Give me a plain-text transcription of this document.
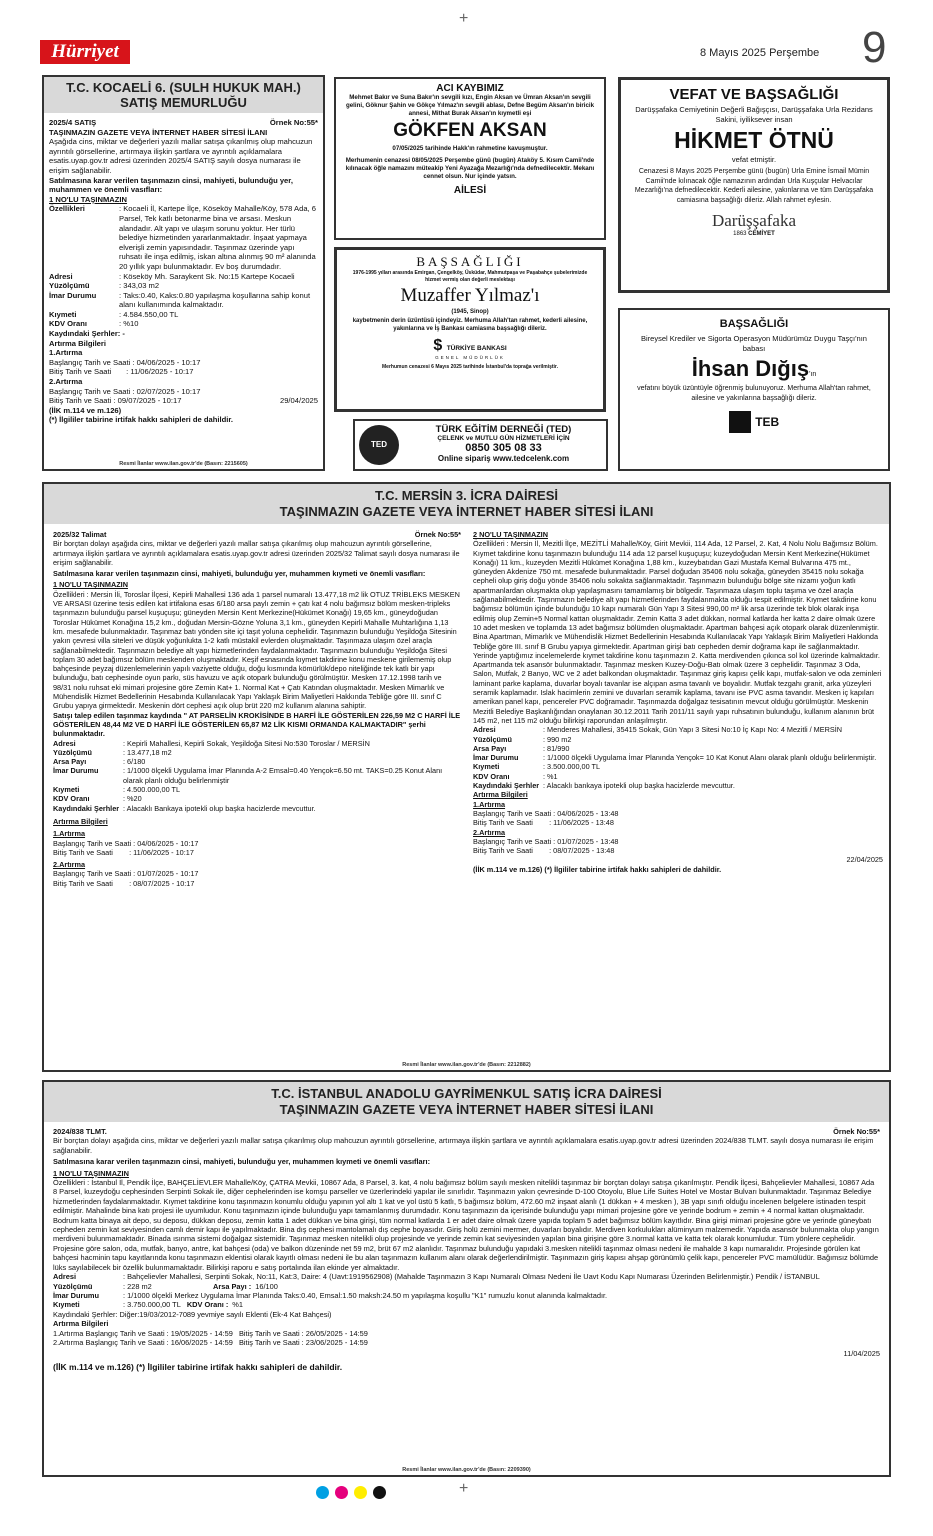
+
Hürriyet	8 Mayıs 2025 Perşembe 9
T.C. KOCAELİ 6. (SULH HUKUK MAH.)
SATIŞ MEMURLUĞU
2025/4 SATIŞ	Örnek No:55*
TAŞINMAZIN GAZETE VEYA İNTERNET HABER SİTESİ İLANI
Aşağıda cins, miktar ve değerleri yazılı mallar satışa çıkarılmış olup mahcuzun ayrıntılı görsellerine, artırmaya ilişkin şartlara ve ayrıntılı açıklamalara esatis.uyap.gov.tr adresi üzerinden 2025/4 SATIŞ sayılı dosya numarası ile erişim sağlanabilir.
Satılmasına karar verilen taşınmazın cinsi, mahiyeti, bulunduğu yer, muhammen ve önemli vasıfları:
1 NO'LU TAŞINMAZIN
Özellikleri	: Kocaeli İl, Kartepe İlçe, Köseköy Mahalle/Köy, 578 Ada, 6 Parsel, Tek katlı betonarme bina ve arsası. Meskun alandadır. Alt yapı ve ulaşım sorunu yoktur. Her türlü belediye hizmetinden yararlanmaktadır. İnşaat yapmaya elverişli zemin yapısındadır. Taşınmaz üzerinde yapı ruhsatı ile inşa edilmiş, iskan altına alınmış 90 m² alanında 20 yıllık yapı bulunmaktadır. Ev boş durumdadır.
Adresi	: Köseköy Mh. Saraykent Sk. No:15 Kartepe Kocaeli
Yüzölçümü	: 343,03 m2
İmar Durumu	: Taks:0.40, Kaks:0.80 yapılaşma koşullarına sahip konut alanı kullanımında kalmaktadır.
Kıymeti	: 4.584.550,00 TL
KDV Oranı	: %10
Kaydındaki Şerhler: -
Artırma Bilgileri
1.Artırma
Başlangıç Tarih ve Saati : 04/06/2025 - 10:17
Bitiş Tarih ve Saati       : 11/06/2025 - 10:17
2.Artırma
Başlangıç Tarih ve Saati : 02/07/2025 - 10:17
Bitiş Tarih ve Saati : 09/07/2025 - 10:17	29/04/2025
(İİK m.114 ve m.126)
(*) İlgililer tabirine irtifak hakkı sahipleri de dahildir.
Resmi İlanlar www.ilan.gov.tr'de (Basın: 2215605)
ACI KAYBIMIZ
Mehmet Bakır ve Suna Bakır'ın sevgili kızı, Engin Aksan ve Ümran Aksan'ın sevgili gelini, Göknur Şahin ve Gökçe Yılmaz'ın sevgili ablası, Defne Begüm Aksan'ın biricik annesi, Mithat Burak Aksan'ın kıymetli eşi
GÖKFEN AKSAN
07/05/2025 tarihinde Hakk'ın rahmetine kavuşmuştur.
Merhumenin cenazesi 08/05/2025 Perşembe günü (bugün) Ataköy 5. Kısım Camii'nde kılınacak öğle namazını müteakip Yeni Ayazağa Mezarlığı'nda defnedilecektir. Mekanı cennet olsun. Nur içinde yatsın.
AİLESİ
BAŞSAĞLIĞI
1976-1995 yılları arasında Emirgan, Çengelköy, Üsküdar, Mahmutpaşa ve Paşabahçe şubelerimizde hizmet vermiş olan değerli meslektaşı
Muzaffer Yılmaz'ı
(1945, Sinop)
kaybetmenin derin üzüntüsü içindeyiz. Merhuma Allah'tan rahmet, kederli ailesine, yakınlarına ve İş Bankası camiasına başsağlığı dileriz.
$ TÜRKİYE BANKASI
GENEL MÜDÜRLÜK
Merhumun cenazesi 6 Mayıs 2025 tarihinde İstanbul'da toprağa verilmiştir.
TED
TÜRK EĞİTİM DERNEĞİ (TED)
ÇELENK ve MUTLU GÜN HİZMETLERİ İÇİN
0850 305 08 33
Online sipariş www.tedcelenk.com
VEFAT VE BAŞSAĞLIĞI
Darüşşafaka Cemiyetinin Değerli Bağışçısı, Darüşşafaka Urla Rezidans Sakini, iyiliksever insan
HİKMET ÖTNÜ
vefat etmiştir.
Cenazesi 8 Mayıs 2025 Perşembe günü (bugün) Urla Emine İsmail Mümin Camii'nde kılınacak öğle namazının ardından Urla Kuşçular Helvacılar Mezarlığı'na defnedilecektir. Kederli ailesine, yakınlarına ve tüm Darüşşafaka camiasına başsağlığı dileriz. Allah rahmet eylesin.
Darüşşafaka
1863 CEMİYET
BAŞSAĞLIĞI
Bireysel Krediler ve Sigorta Operasyon Müdürümüz Duygu Taşçı'nın babası
İhsan Dığış'ın
vefatını büyük üzüntüyle öğrenmiş bulunuyoruz. Merhuma Allah'tan rahmet, ailesine ve yakınlarına başsağlığı dileriz.
TEB
T.C. MERSİN 3. İCRA DAİRESİ
TAŞINMAZIN GAZETE VEYA İNTERNET HABER SİTESİ İLANI
2025/32 Talimat	Örnek No:55*
Bir borçtan dolayı aşağıda cins, miktar ve değerleri yazılı mallar satışa çıkarılmış olup mahcuzun ayrıntılı görsellerine, artırmaya ilişkin şartlara ve ayrıntılı açıklamalara esatis.uyap.gov.tr adresi üzerinden 2025/32 Talimat sayılı dosya numarası ile erişim sağlanabilir.
Satılmasına karar verilen taşınmazın cinsi, mahiyeti, bulunduğu yer, muhammen kıymeti ve önemli vasıfları:
1 NO'LU TAŞINMAZIN
Özellikleri : Mersin İli, Toroslar İlçesi, Kepirli Mahallesi 136 ada 1 parsel numaralı 13.477,18 m2 lik OTUZ TRİBLEKS MESKEN VE ARSASI üzerine tesis edilen kat irtifakına esas 6/180 arsa paylı zemin + çatı kat 4 nolu bağımsız bölüm mesken-tripleks taşınmazın bulunduğu parsel kuşuçuşu; güneyden Mersin Kent Merkezine(Hükümet Konağı) 19,65 km., güneydoğudan Toroslar Hükümet Konağına 15,2 km., doğudan Mersin-Gözne Yoluna 3,1 km., güneyden Kepirli Mahalle Muhtarlığına 1,13 km. mesafede bulunmaktadır. Taşınmaz batı yönden site içi taşıt yoluna cephelidir. Taşınmazın bulunduğu Yeşildoğa Sitesinin yakın çevresi villa siteleri ve düşük yoğunlukta 1-2 katlı müstakil evlerden oluşmaktadır. Taşınmaza ulaşım özel araçla sağlanabilmektedir. Taşınmazın belediye alt yapı hizmetlerinden faydalanmaktadır. Taşınmazın bulunduğu Yeşildoğa Sitesi toplam 30 adet bağımsız bölüm meskenden oluşmaktadır. Keşif esnasında kıymet takdirine konu meskene girilememiş olup bahçesinde peyzaj düzenlemelerinin yapılı vaziyette olduğu, doğu kısmında kömürlük/depo niteliğinde tek katlı bir yapı bulunduğu, batı cephesinde oyun parkı, süs havuzu ve açık otopark bulunduğu görülmüştür. Mesken 17.12.1998 tarih ve 98/31 nolu ruhsat eki mimari projesine göre Zemin Kat+ 1. Normal Kat + Çatı Katından oluşmaktadır. Mesken Mimarlık ve Mühendislik Hizmet Bedellerinin Hesabında Kullanılacak Yapı Yaklaşık Birim Maliyetleri Hakkında Tebliğe göre III. sınıf C Grubu yapıya girmektedir. Meskenin dört cephesi açık olup brüt 220 m2 kullanım alanına sahiptir.
Satışı talep edilen taşınmaz kaydında " AT PARSELİN KROKİSİNDE B HARFİ İLE GÖSTERİLEN 226,59 M2 C HARFİ İLE GÖSTERİLEN 48,44 M2 VE D HARFİ İLE GÖSTERİLEN 65,87 M2 LİK KISMI ORMANDA KALMAKTADIR" şerhi bulunmaktadır.
Adresi	: Kepirli Mahallesi, Kepirli Sokak, Yeşildoğa Sitesi No:530 Toroslar / MERSİN
Yüzölçümü	: 13.477,18 m2
Arsa Payı	: 6/180
İmar Durumu	: 1/1000 ölçekli Uygulama İmar Planında A-2 Emsal=0.40 Yençok=6.50 mt. TAKS=0.25 Konut Alanı olarak planlı olduğu belirlenmiştir
Kıymeti	: 4.500.000,00 TL
KDV Oranı	: %20
Kaydındaki Şerhler : Alacaklı Bankaya ipotekli olup başka hacizlerde mevcuttur.
Artırma Bilgileri
1.Artırma
Başlangıç Tarih ve Saati : 04/06/2025 - 10:17
Bitiş Tarih ve Saati        : 11/06/2025 - 10:17
2.Artırma
Başlangıç Tarih ve Saati : 01/07/2025 - 10:17
Bitiş Tarih ve Saati        : 08/07/2025 - 10:17
2 NO'LU TAŞINMAZIN
Özellikleri : Mersin İl, Mezitli İlçe, MEZİTLİ Mahalle/Köy, Girit Mevkii, 114 Ada, 12 Parsel, 2. Kat, 4 Nolu Nolu Bağımsız Bölüm. Kıymet takdirine konu taşınmazın bulunduğu 114 ada 12 parsel kuşuçuşu; kuzeydoğudan Mersin Kent Merkezine(Hükümet Konağı) 11 km., kuzeyden Mezitli Hükümet Konağına 1,88 km., kuzeybatıdan Gazi Mustafa Kemal Bulvarına 475 mt., güneyden Akdenize 750 mt. mesafede bulunmaktadır. Parsel doğudan 35406 nolu sokağa, güneyden 35415 nolu sokağa cepheli olup giriş doğu yönde 35406 nolu sokakta sağlanmaktadır. Taşınmazın bulunduğu bölge site nizamı yoğun katlı apartmanlardan oluşmakta olup yapılaşmasını tamamlamış bir bölgedir. Taşınmaza ulaşım toplu taşıma ve özel araçla sağlanabilmektedir. Taşınmazın belediye alt yapı hizmetlerinden faydalanmakta olduğu tespit edilmiştir. Kıymet takdirine konu bağımsız bölümün içinde bulunduğu 10 kapı numaralı Gün Yapı 3 Sitesi 990,00 m² lik arsa üzerinde tek blok olarak inşa edilmiş olup Zemin+5 Normal kattan oluşmaktadır. Zemin Katta 3 adet dükkan, normal katlarda her katta 2 daire olmak üzere 10 adet mesken ve toplamda 13 adet bağımsız bölümden oluşmaktadır. Apartman bahçesi açık otopark olarak düzenlenmiştir. Bina Apartman, Mimarlık ve Mühendislik Hizmet Bedellerinin Hesabında Kullanılacak Yapı Yaklaşık Birim Maliyetleri Hakkında Tebliğe göre III. sınıf B Grubu yapıya girmektedir. Apartman girişi batı cepheden demir doğrama kapı ile sağlanmaktadır. Yerinde yaptığımız incelemelerde kıymet takdirine konu taşınmazın 2. Katta merdivenden çıkınca sol kol üzerinde kalmaktadır. Apartmanda tek asansör bulunmaktadır. Taşınmaz mesken Kuzey-Doğu-Batı olmak üzere 3 cephelidir. Taşınmaz 3 Oda, Salon, Mutfak, 2 Banyo, WC ve 2 adet balkondan oluşmaktadır. Taşınmaz giriş kapısı çelik kapı, mutfak-salon ve oda zeminleri laminant parke kaplama, duvarlar boyalı tavanlar ise alçıpan asma tavanlı ve boyalıdır. Mutfak tezgahı granit, arka yüzeyleri seramik kaplamadır. Islak hacimlerin zemini ve duvarları seramik kaplama, tavanı ise PVC asma tavandır. Mesken iç kapıları amerikan panel kapı, pencereler PVC doğramadır. Taşınmazda doğalgaz tesisatının mevcut olduğu görülmüştür. Meskenin Mezitli Belediye Başkanlığından onaylanan 30.12.2011 Tarih 2011/11 sayılı yapı ruhsatının bulunduğu, kullanım alanının brüt 145 m2, net 115 m2 olduğu bilirkişi raporundan anlaşılmıştır.
Adresi	: Menderes Mahallesi, 35415 Sokak, Gün Yapı 3 Sitesi No:10 İç Kapı No: 4 Mezitli / MERSİN
Yüzölçümü	: 990 m2
Arsa Payı	: 81/990
İmar Durumu	: 1/1000 ölçekli Uygulama İmar Planında Yençok= 10 Kat Konut Alanı olarak planlı olduğu belirlenmiştir.
Kıymeti	: 3.500.000,00 TL
KDV Oranı	: %1
Kaydındaki Şerhler : Alacaklı bankaya ipotekli olup başka hacizlerde mevcuttur.
Artırma Bilgileri
1.Artırma
Başlangıç Tarih ve Saati : 04/06/2025 - 13:48
Bitiş Tarih ve Saati        : 11/06/2025 - 13:48
2.Artırma
Başlangıç Tarih ve Saati : 01/07/2025 - 13:48
Bitiş Tarih ve Saati        : 08/07/2025 - 13:48
22/04/2025
(İİK m.114 ve m.126) (*) İlgililer tabirine irtifak hakkı sahipleri de dahildir.
Resmi İlanlar www.ilan.gov.tr'de (Basın: 2212882)
T.C. İSTANBUL ANADOLU GAYRİMENKUL SATIŞ İCRA DAİRESİ
TAŞINMAZIN GAZETE VEYA İNTERNET HABER SİTESİ İLANI
2024/838 TLMT.	Örnek No:55*
Bir borçtan dolayı aşağıda cins, miktar ve değerleri yazılı mallar satışa çıkarılmış olup mahcuzun ayrıntılı görsellerine, artırmaya ilişkin şartlara ve ayrıntılı açıklamalara esatis.uyap.gov.tr adresi üzerinden 2024/838 TLMT. sayılı dosya numarası ile erişim sağlanabilir.
Satılmasına karar verilen taşınmazın cinsi, mahiyeti, bulunduğu yer, muhammen kıymeti ve önemli vasıfları:
1 NO'LU TAŞINMAZIN
Özellikleri : İstanbul İl, Pendik İlçe, BAHÇELİEVLER Mahalle/Köy, ÇATRA Mevkii, 10867 Ada, 8 Parsel, 3. kat, 4 nolu bağımsız bölüm sayılı mesken nitelikli taşınmaz bir borçtan dolayı satışa çıkarılmıştır. Pendik İlçesi, Bahçelievler Mahallesi, 10867 Ada 8 Parsel, kuzeydoğu cephesinden Serpinti Sokak ile, diğer cephelerinden ise komşu parseller ve üzerlerindeki yapılar ile sınırlıdır. Taşınmazın yakın çevresinde D-100 Otoyolu, Blue Life Suites Hotel ve Mostar Bulvarı bulunmaktadır. Taşınmaz Belediye hizmetlerinden faydalanmaktadır. Kıymet takdirine konu taşınmazın konumlu olduğu yapının yol altı 1 kat ve yol üstü 5 katlı, 5 bağımsız bölüm, 472.60 m2 inşaat alanlı (1 dükkan + 4 mesken ), 3B yapı sınıfı olduğu incelenen belgelere istinaden tespit edilmiştir. Mahalinde bina katı projesi ile uyumludur. Konu taşınmazın içinde bulunduğu yapı tamamlanmış durumdadır. Konu taşınmazın da içerisinde bulunduğu yapı mimari projesine göre ve yerinde bodrum + zemin + 4 normal kattan oluşmaktadır. Bodrum katta binaya ait depo, su deposu, dükkan deposu, zemin katta 1 adet dükkan ve bina girişi, tüm normal katlarda 1 er adet daire olmak üzere yapıda toplam 5 adet bağımsız bölüm kayıtlıdır. Bina girişi mimari projesine göre ve yerinde güneybatı cepheden zemin kat seviyesinden camlı demir kapı ile yapılmaktadır. Bina dış cephesi mantolamalı dış cephe boyasıdır. Giriş holü zemini mermer, duvarları boyalıdır. Merdiven korkulukları alüminyum malzemedir. Yapıda asansör bulunmakta olup yangın merdiveni bulunmamaktadır. Binada ısınma sistemi doğalgaz sistemidir. Taşınmaz mesken nitelikli olup projesinde ve yerinde zemin kat seviyesinden yapılan bina girişine göre 3.normal katta ve katta tek olarak konumludur. Tüm yönlere cephelidir. Projesine göre salon, oda, mutfak, banyo, antre, kat bahçesi (oda) ve balkon düzeninde net 59 m2, brüt 67 m2 alanlıdır. Taşınmaz bulunduğu yapıdaki 3.mesken nitelikli taşınmaz olması nedeni ile mahalde 3 kapı numaralıdır. Projesinde görülen kat bahçesi hacminin tapu kayıtlarında konu taşınmazın eklentisi olarak kayıtlı olması nedeni ile bu alan taşınmazın kullanım alanı olarak değerlendirilmiştir. Taşınmazın giriş kapısı ahşap görünümlü çelik kapı, pencereler PVC mamülüdür. Bağımsız bölümde lüks sayılabilecek bir özellik bulunmamaktadır. Bilirkişi raporu e satış portalında ilan ekinde yer almaktadır.
Adresi	: Bahçelievler Mahallesi, Serpinti Sokak, No:11, Kat:3, Daire: 4 (Uavt:1919562908) (Mahalde Taşınmazın 3 Kapı Numaralı Olması Nedeni İle Uavt Kodu Kapı Numarası Üzerinden Belirlenmiştir.) Pendik / İSTANBUL
Yüzölçümü	: 228 m2	Arsa Payı : 16/100
İmar Durumu	: 1/1000 ölçekli Merkez Uygulama İmar Planında Taks:0.40, Emsal:1.50 maksh:24.50 m yapılaşma koşullu "K1" rumuzlu konut alanında kalmaktadır.
Kıymeti	: 3.750.000,00 TL KDV Oranı : %1
Kaydındaki Şerhler: Diğer:19/03/2012-7089 yevmiye sayılı Eklenti (Ek-4 Kat Bahçesi)
Artırma Bilgileri
1.Artırma Başlangıç Tarih ve Saati : 19/05/2025 - 14:59   Bitiş Tarih ve Saati : 26/05/2025 - 14:59
2.Artırma Başlangıç Tarih ve Saati : 16/06/2025 - 14:59   Bitiş Tarih ve Saati : 23/06/2025 - 14:59
11/04/2025
(İİK m.114 ve m.126) (*) İlgililer tabirine irtifak hakkı sahipleri de dahildir.
Resmi İlanlar www.ilan.gov.tr'de (Basın: 2209390)
+
